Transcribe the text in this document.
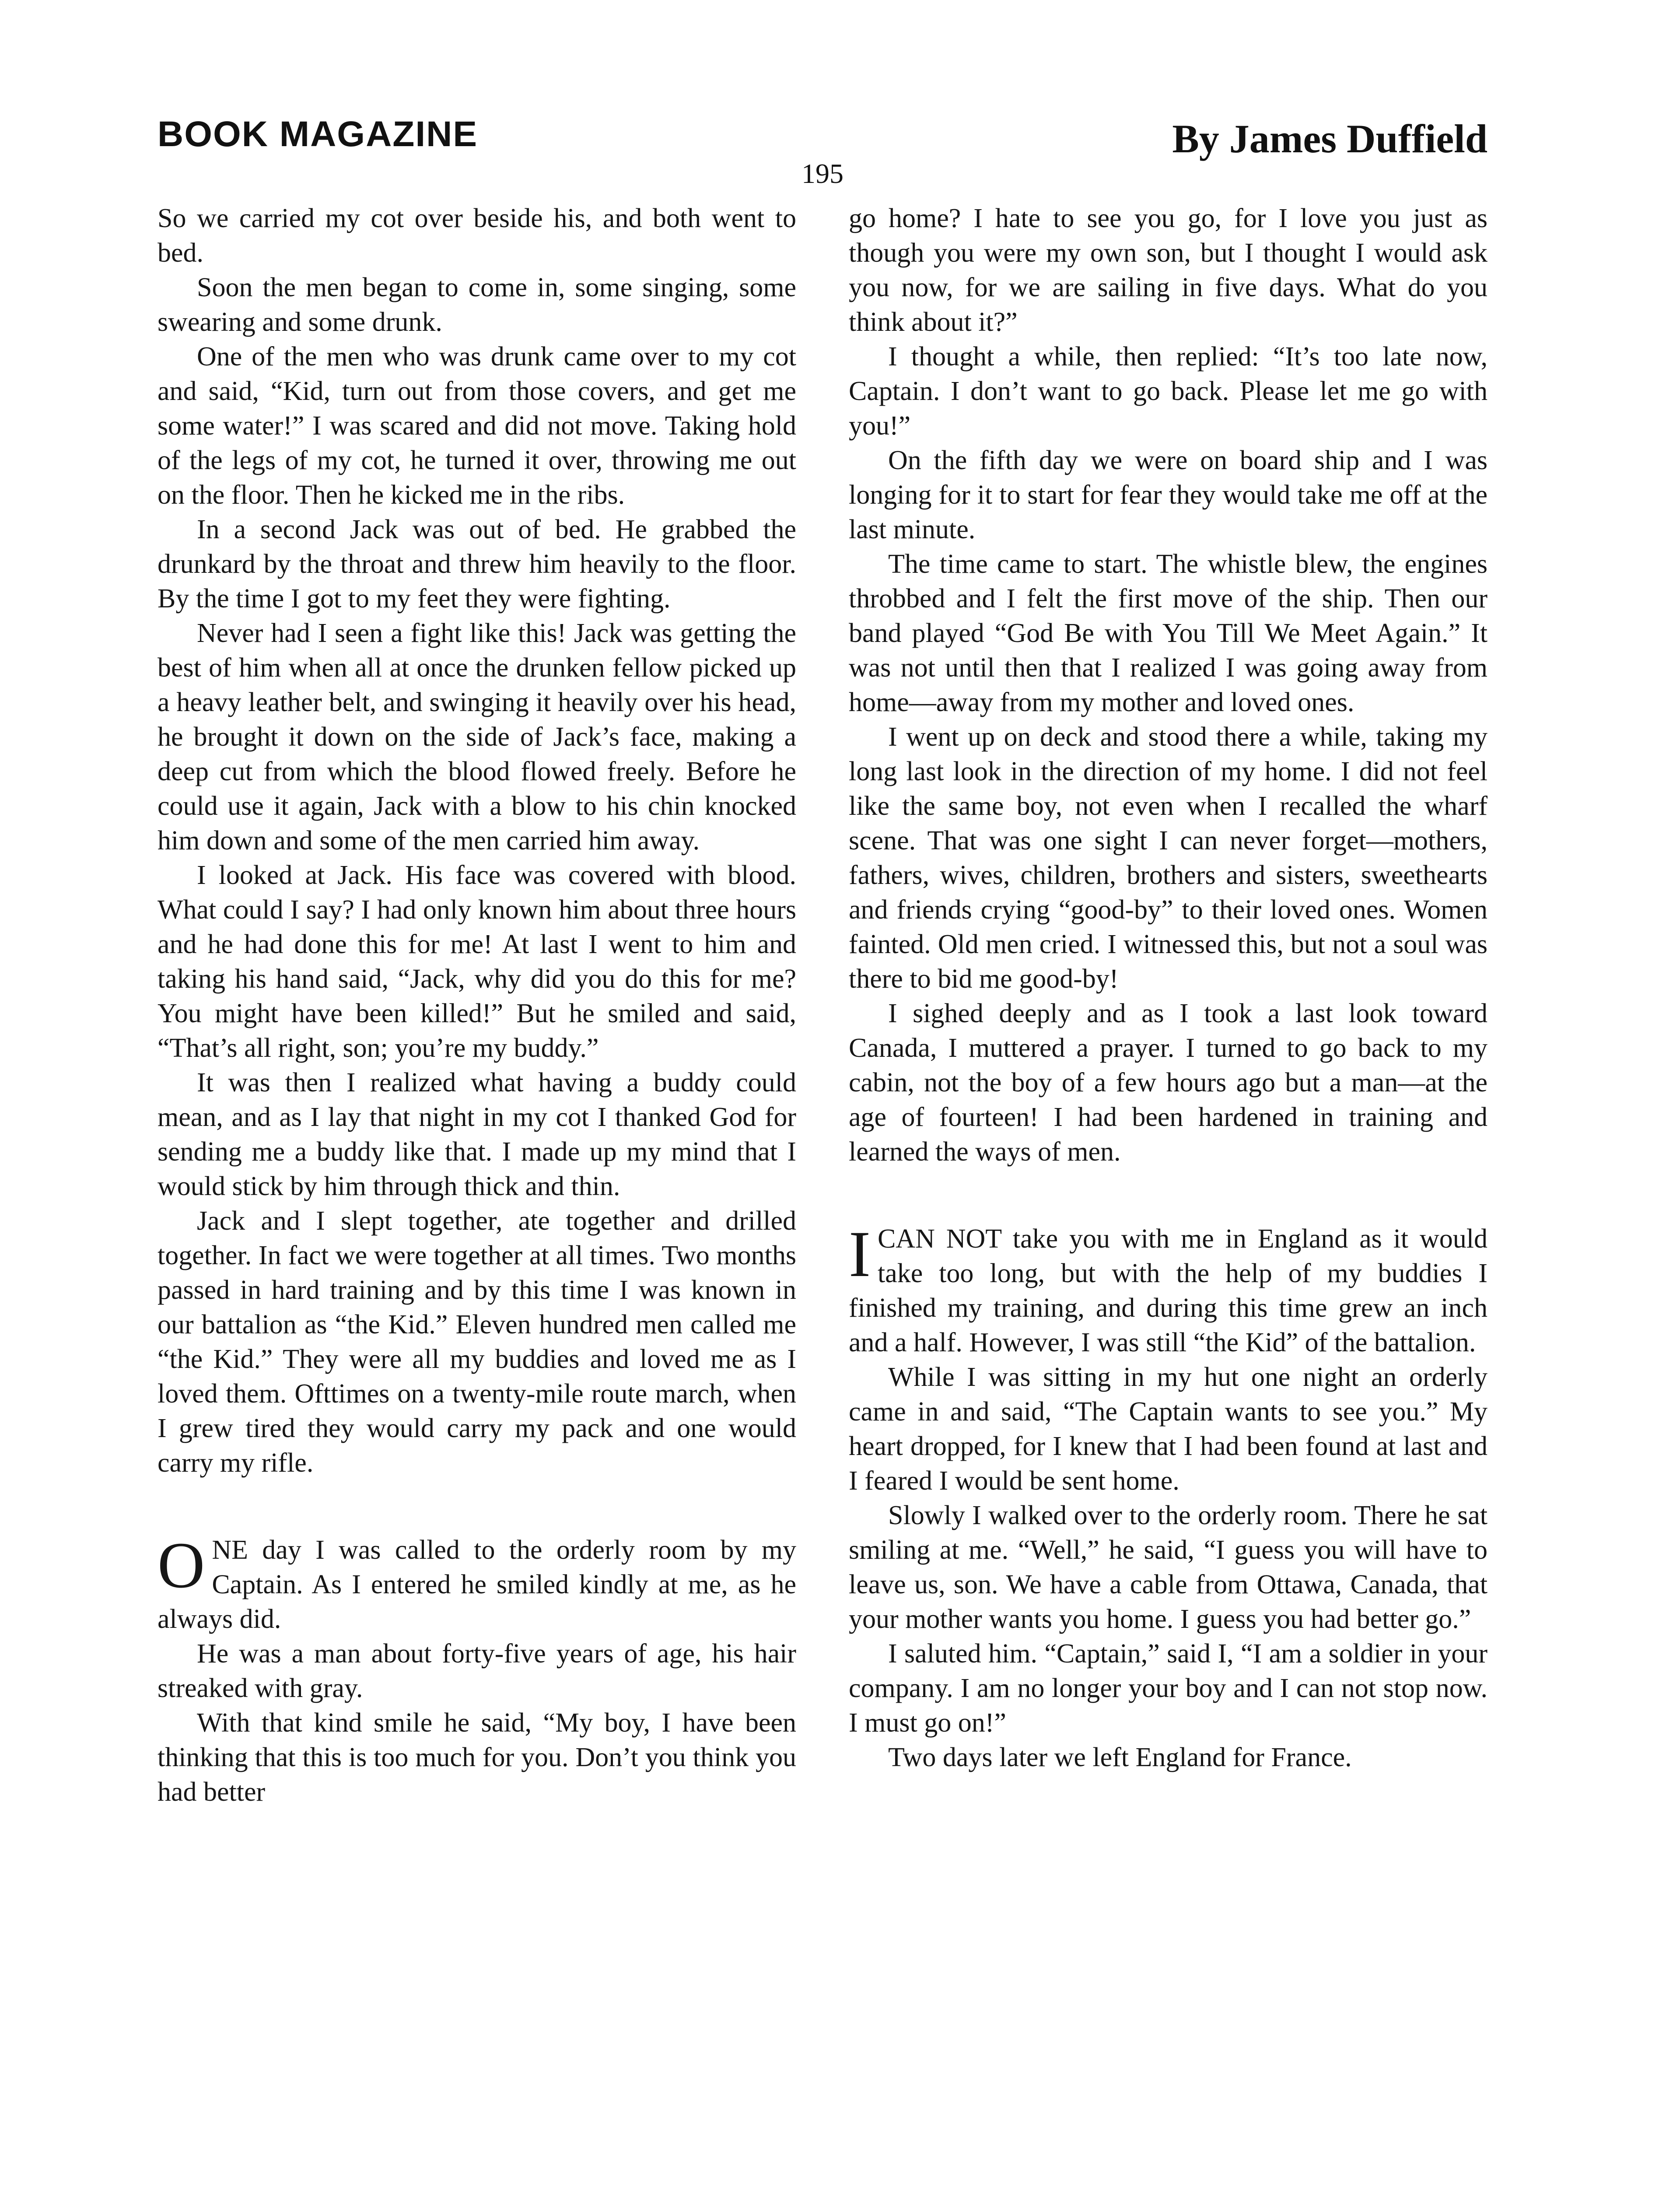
BOOK MAGAZINE	By James Duffield
195

So we carried my cot over beside his, and both went to bed.

Soon the men began to come in, some singing, some swearing and some drunk.

One of the men who was drunk came over to my cot and said, “Kid, turn out from those covers, and get me some water!” I was scared and did not move. Taking hold of the legs of my cot, he turned it over, throwing me out on the floor. Then he kicked me in the ribs.

In a second Jack was out of bed. He grabbed the drunkard by the throat and threw him heavily to the floor. By the time I got to my feet they were fighting.

Never had I seen a fight like this! Jack was getting the best of him when all at once the drunken fellow picked up a heavy leather belt, and swinging it heavily over his head, he brought it down on the side of Jack’s face, making a deep cut from which the blood flowed freely. Before he could use it again, Jack with a blow to his chin knocked him down and some of the men carried him away.

I looked at Jack. His face was covered with blood. What could I say? I had only known him about three hours and he had done this for me! At last I went to him and taking his hand said, “Jack, why did you do this for me? You might have been killed!” But he smiled and said, “That’s all right, son; you’re my buddy.”

It was then I realized what having a buddy could mean, and as I lay that night in my cot I thanked God for sending me a buddy like that. I made up my mind that I would stick by him through thick and thin.

Jack and I slept together, ate together and drilled together. In fact we were together at all times. Two months passed in hard training and by this time I was known in our battalion as “the Kid.” Eleven hundred men called me “the Kid.” They were all my buddies and loved me as I loved them. Ofttimes on a twenty-mile route march, when I grew tired they would carry my pack and one would carry my rifle.

ONE day I was called to the orderly room by my Captain. As I entered he smiled kindly at me, as he always did.

He was a man about forty-five years of age, his hair streaked with gray.

With that kind smile he said, “My boy, I have been thinking that this is too much for you. Don’t you think you had better

go home? I hate to see you go, for I love you just as though you were my own son, but I thought I would ask you now, for we are sailing in five days. What do you think about it?”

I thought a while, then replied: “It’s too late now, Captain. I don’t want to go back. Please let me go with you!”

On the fifth day we were on board ship and I was longing for it to start for fear they would take me off at the last minute.

The time came to start. The whistle blew, the engines throbbed and I felt the first move of the ship. Then our band played “God Be with You Till We Meet Again.” It was not until then that I realized I was going away from home—away from my mother and loved ones.

I went up on deck and stood there a while, taking my long last look in the direction of my home. I did not feel like the same boy, not even when I recalled the wharf scene. That was one sight I can never forget—mothers, fathers, wives, children, brothers and sisters, sweethearts and friends crying “good-by” to their loved ones. Women fainted. Old men cried. I witnessed this, but not a soul was there to bid me good-by!

I sighed deeply and as I took a last look toward Canada, I muttered a prayer. I turned to go back to my cabin, not the boy of a few hours ago but a man—at the age of fourteen! I had been hardened in training and learned the ways of men.

ICAN NOT take you with me in England as it would take too long, but with the help of my buddies I finished my training, and during this time grew an inch and a half. However, I was still “the Kid” of the battalion.

While I was sitting in my hut one night an orderly came in and said, “The Captain wants to see you.” My heart dropped, for I knew that I had been found at last and I feared I would be sent home.

Slowly I walked over to the orderly room. There he sat smiling at me. “Well,” he said, “I guess you will have to leave us, son. We have a cable from Ottawa, Canada, that your mother wants you home. I guess you had better go.”

I saluted him. “Captain,” said I, “I am a soldier in your company. I am no longer your boy and I can not stop now. I must go on!”

Two days later we left England for France.
